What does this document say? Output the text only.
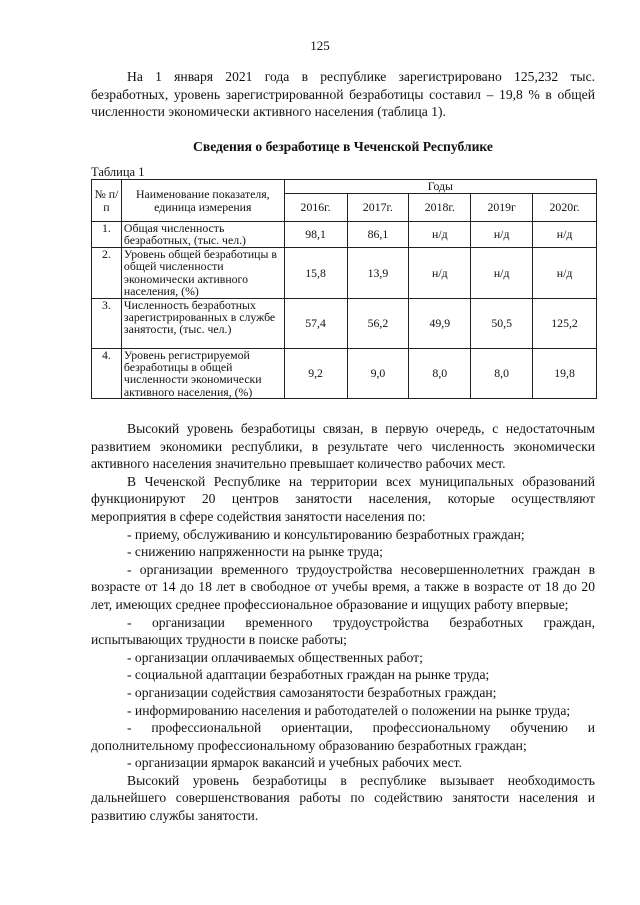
125

На 1 января 2021 года в республике зарегистрировано 125,232 тыс. безработных, уровень зарегистрированной безработицы составил – 19,8 % в общей численности экономически активного населения (таблица 1).

Сведения о безработице в Чеченской Республике
Таблица 1
№ п/п	Наименование показателя, единица измерения	Годы				
		2016г.	2017г.	2018г.	2019г	2020г.
1.	Общая численность безработных, (тыс. чел.)	98,1	86,1	н/д	н/д	н/д
2.	Уровень общей безработицы в общей численности экономически активного населения, (%)	15,8	13,9	н/д	н/д	н/д
3.	Численность безработных зарегистрированных в службе занятости, (тыс. чел.)	57,4	56,2	49,9	50,5	125,2
4.	Уровень регистрируемой безработицы в общей численности экономически активного населения, (%)	9,2	9,0	8,0	8,0	19,8

Высокий уровень безработицы связан, в первую очередь, с недостаточным развитием экономики республики, в результате чего численность экономически активного населения значительно превышает количество рабочих мест.

В Чеченской Республике на территории всех муниципальных образований функционируют 20 центров занятости населения, которые осуществляют мероприятия в сфере содействия занятости населения по:

- приему, обслуживанию и консультированию безработных граждан;

- снижению напряженности на рынке труда;

- организации временного трудоустройства несовершеннолетних граждан в возрасте от 14 до 18 лет в свободное от учебы время, а также в возрасте от 18 до 20 лет, имеющих среднее профессиональное образование и ищущих работу впервые;

- организации временного трудоустройства безработных граждан, испытывающих трудности в поиске работы;

- организации оплачиваемых общественных работ;

- социальной адаптации безработных граждан на рынке труда;

- организации содействия самозанятости безработных граждан;

- информированию населения и работодателей о положении на рынке труда;

- профессиональной ориентации, профессиональному обучению и дополнительному профессиональному образованию безработных граждан;

- организации ярмарок вакансий и учебных рабочих мест.

Высокий уровень безработицы в республике вызывает необходимость дальнейшего совершенствования работы по содействию занятости населения и развитию службы занятости.
